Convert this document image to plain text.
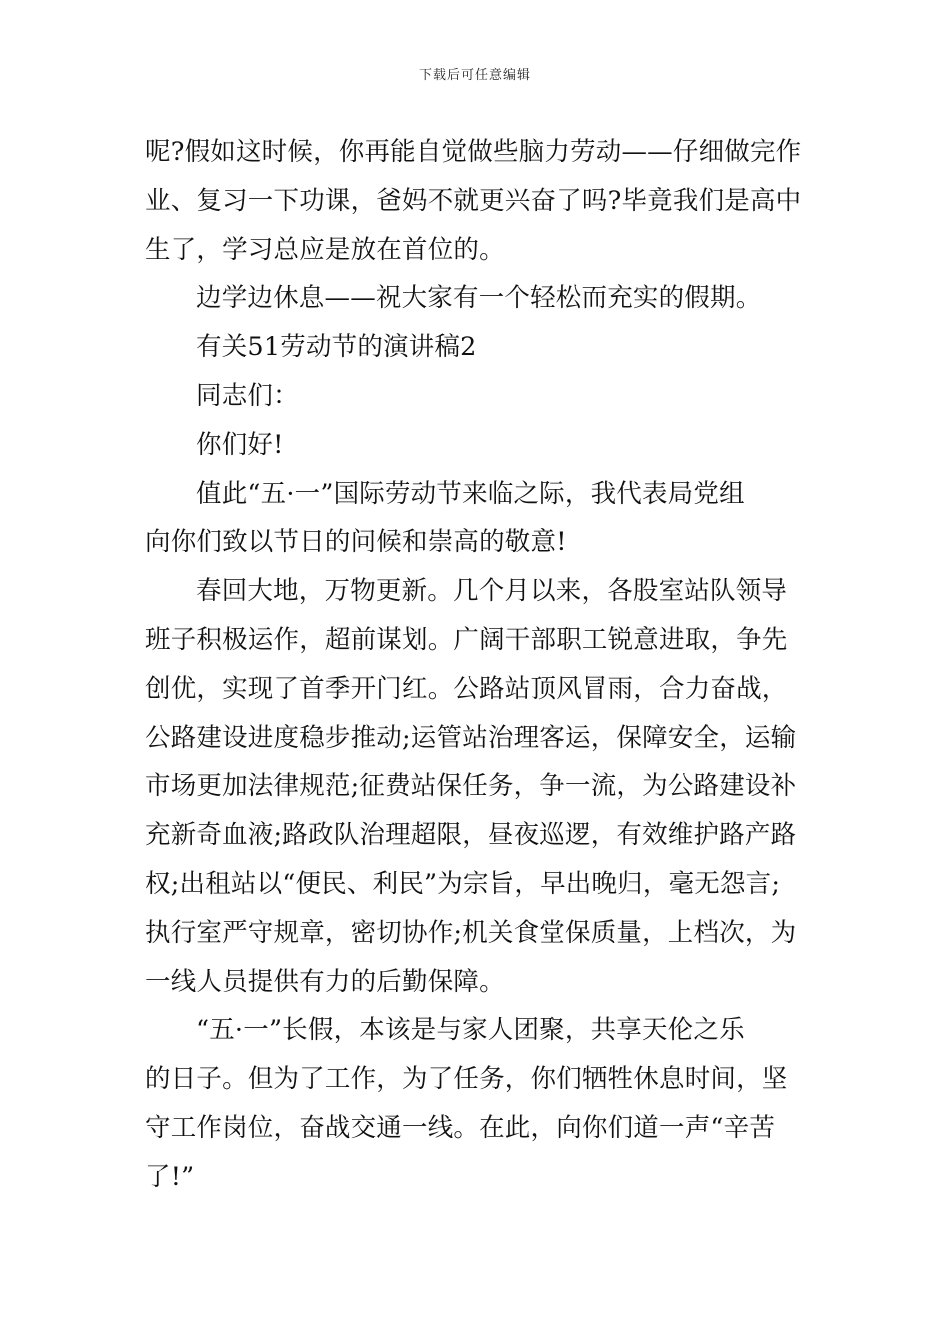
下载后可任意编辑

呢?假如这时候，你再能自觉做些脑力劳动——仔细做完作
业、复习一下功课，爸妈不就更兴奋了吗?毕竟我们是高中
生了，学习总应是放在首位的。

边学边休息——祝大家有一个轻松而充实的假期。

有关51劳动节的演讲稿2

同志们：

你们好!

值此“五·一”国际劳动节来临之际，我代表局党组
向你们致以节日的问候和崇高的敬意!

春回大地，万物更新。几个月以来，各股室站队领导
班子积极运作，超前谋划。广阔干部职工锐意进取，争先
创优，实现了首季开门红。公路站顶风冒雨，合力奋战，
公路建设进度稳步推动;运管站治理客运，保障安全，运输
市场更加法律规范;征费站保任务，争一流，为公路建设补
充新奇血液;路政队治理超限，昼夜巡逻，有效维护路产路
权;出租站以“便民、利民”为宗旨，早出晚归，毫无怨言;
执行室严守规章，密切协作;机关食堂保质量，上档次，为
一线人员提供有力的后勤保障。

“五·一”长假，本该是与家人团聚，共享天伦之乐
的日子。但为了工作，为了任务，你们牺牲休息时间，坚
守工作岗位，奋战交通一线。在此，向你们道一声“辛苦
了!”
